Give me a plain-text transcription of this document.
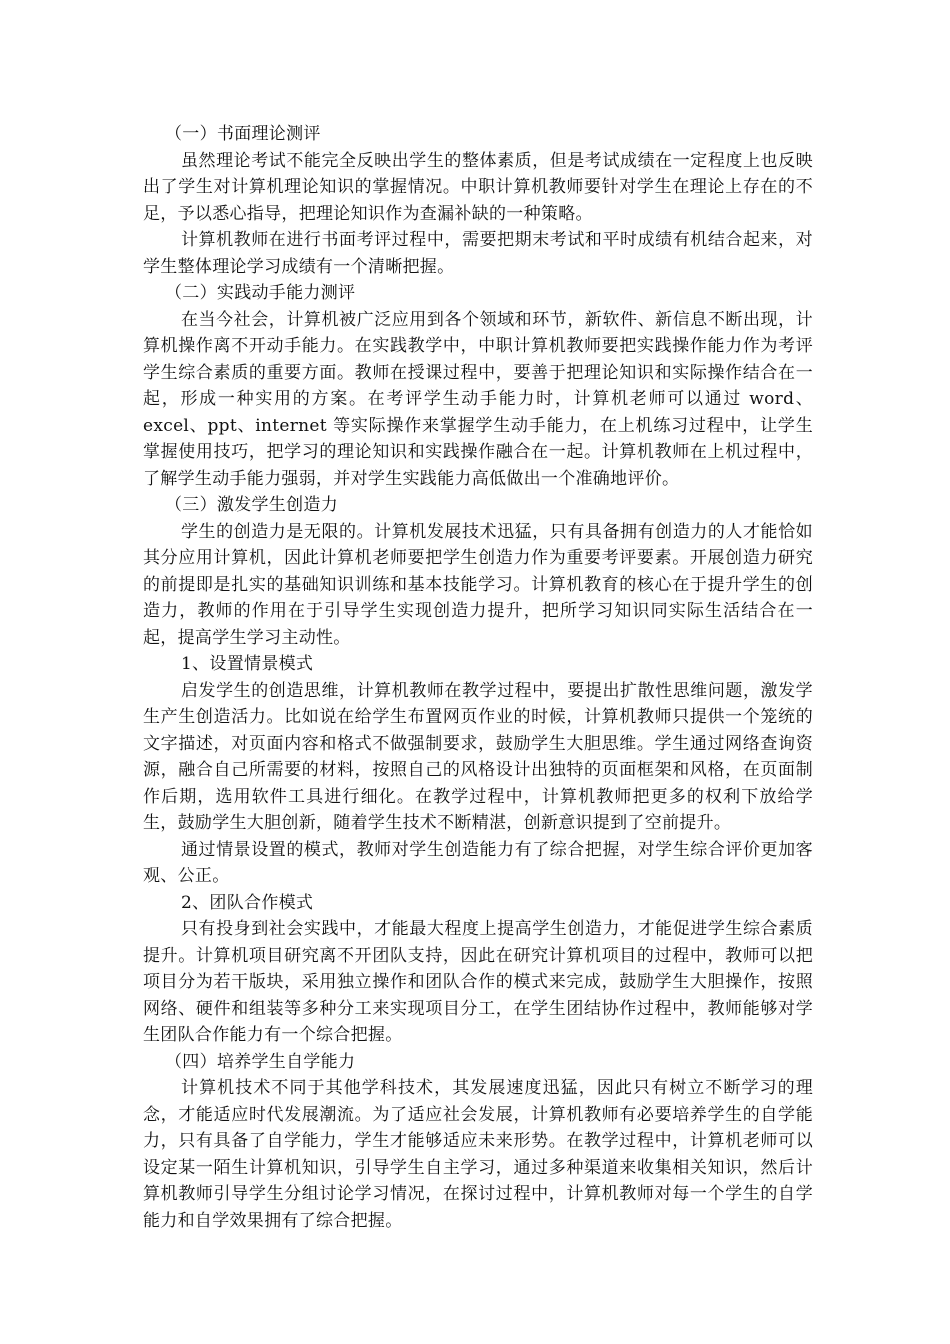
（一）书面理论测评

虽然理论考试不能完全反映出学生的整体素质，但是考试成绩在一定程度上也反映出了学生对计算机理论知识的掌握情况。中职计算机教师要针对学生在理论上存在的不足，予以悉心指导，把理论知识作为查漏补缺的一种策略。

计算机教师在进行书面考评过程中，需要把期末考试和平时成绩有机结合起来，对学生整体理论学习成绩有一个清晰把握。

（二）实践动手能力测评

在当今社会，计算机被广泛应用到各个领域和环节，新软件、新信息不断出现，计算机操作离不开动手能力。在实践教学中，中职计算机教师要把实践操作能力作为考评学生综合素质的重要方面。教师在授课过程中，要善于把理论知识和实际操作结合在一起，形成一种实用的方案。在考评学生动手能力时，计算机老师可以通过 word、excel、ppt、internet 等实际操作来掌握学生动手能力，在上机练习过程中，让学生掌握使用技巧，把学习的理论知识和实践操作融合在一起。计算机教师在上机过程中，了解学生动手能力强弱，并对学生实践能力高低做出一个准确地评价。

（三）激发学生创造力

学生的创造力是无限的。计算机发展技术迅猛，只有具备拥有创造力的人才能恰如其分应用计算机，因此计算机老师要把学生创造力作为重要考评要素。开展创造力研究的前提即是扎实的基础知识训练和基本技能学习。计算机教育的核心在于提升学生的创造力，教师的作用在于引导学生实现创造力提升，把所学习知识同实际生活结合在一起，提高学生学习主动性。

1、设置情景模式

启发学生的创造思维，计算机教师在教学过程中，要提出扩散性思维问题，激发学生产生创造活力。比如说在给学生布置网页作业的时候，计算机教师只提供一个笼统的文字描述，对页面内容和格式不做强制要求，鼓励学生大胆思维。学生通过网络查询资源，融合自己所需要的材料，按照自己的风格设计出独特的页面框架和风格，在页面制作后期，选用软件工具进行细化。在教学过程中，计算机教师把更多的权利下放给学生，鼓励学生大胆创新，随着学生技术不断精湛，创新意识提到了空前提升。

通过情景设置的模式，教师对学生创造能力有了综合把握，对学生综合评价更加客观、公正。

2、团队合作模式

只有投身到社会实践中，才能最大程度上提高学生创造力，才能促进学生综合素质提升。计算机项目研究离不开团队支持，因此在研究计算机项目的过程中，教师可以把项目分为若干版块，采用独立操作和团队合作的模式来完成，鼓励学生大胆操作，按照网络、硬件和组装等多种分工来实现项目分工，在学生团结协作过程中，教师能够对学生团队合作能力有一个综合把握。

（四）培养学生自学能力

计算机技术不同于其他学科技术，其发展速度迅猛，因此只有树立不断学习的理念，才能适应时代发展潮流。为了适应社会发展，计算机教师有必要培养学生的自学能力，只有具备了自学能力，学生才能够适应未来形势。在教学过程中，计算机老师可以设定某一陌生计算机知识，引导学生自主学习，通过多种渠道来收集相关知识，然后计算机教师引导学生分组讨论学习情况，在探讨过程中，计算机教师对每一个学生的自学能力和自学效果拥有了综合把握。
